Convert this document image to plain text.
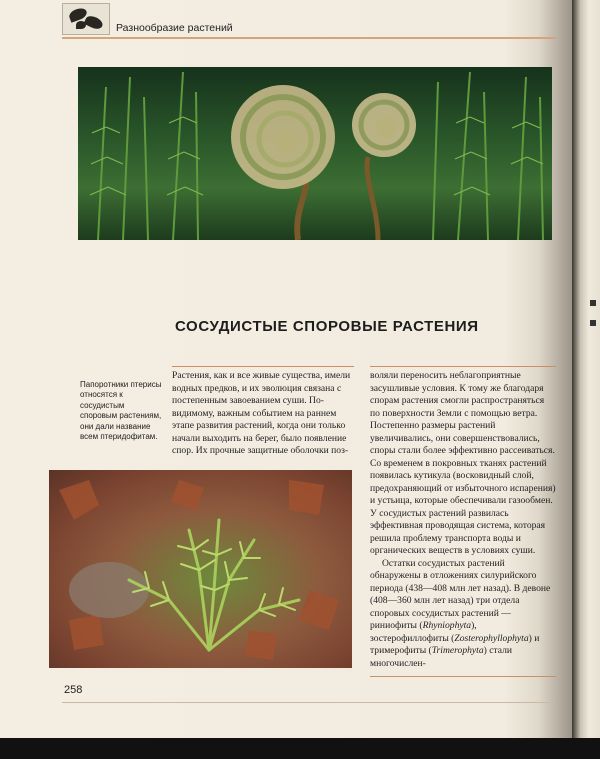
Разнообразие растений
СОСУДИСТЫЕ СПОРОВЫЕ РАСТЕНИЯ
Папоротники птерисы относятся к сосудистым споровым растениям, они дали название всем птеридофитам.

Растения, как и все живые существа, имели водных предков, и их эволюция связана с постепенным завоеванием суши. По-видимому, важным событием на раннем этапе развития растений, когда они только начали выходить на берег, было появление спор. Их прочные защитные оболочки поз-

воляли переносить неблагоприятные засушливые условия. К тому же благодаря спорам растения смогли распространяться по поверхности Земли с помощью ветра. Постепенно размеры растений увеличивались, они совершенствовались, споры стали более эффективно рассеиваться. Со временем в покровных тканях растений появилась кутикула (восковидный слой, предохраняющий от избыточного испарения) и устьица, которые обеспечивали газообмен. У сосудистых растений развилась эффективная проводящая система, которая решила проблему транспорта воды и органических веществ в условиях суши.
Остатки сосудистых растений обнаружены в отложениях силурийского периода (438—408 млн лет назад). В девоне (408—360 млн лет назад) три отдела споровых сосудистых растений — риниофиты (Rhyniophyta), зостерофиллофиты (Zosterophyllophyta) и тримерофиты (Trimerophyta) стали многочислен-
258
